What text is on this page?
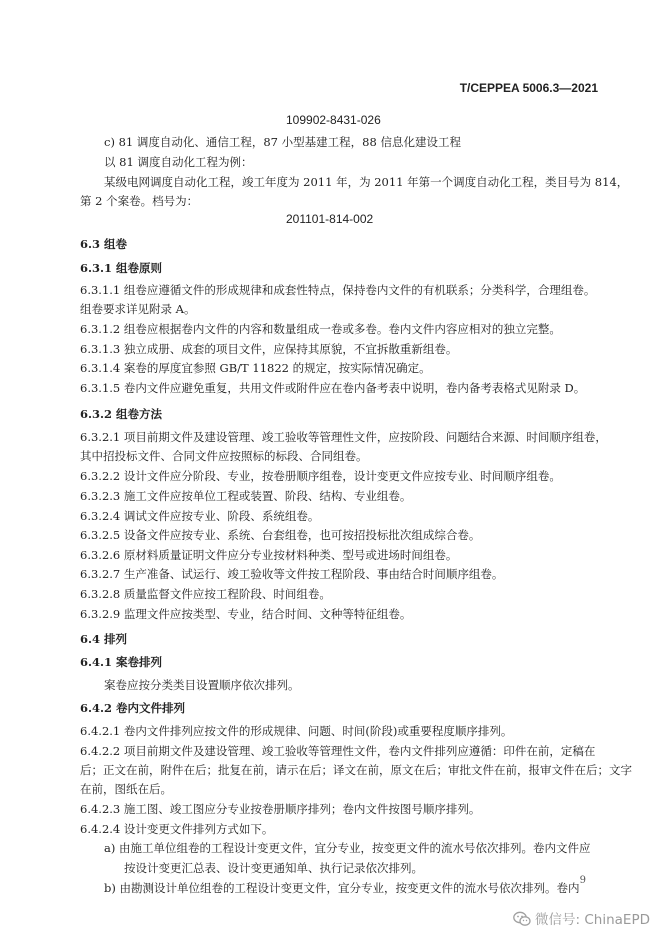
T/CEPPEA 5006.3—2021
109902-8431-026
c) 81 调度自动化、通信工程，87 小型基建工程，88 信息化建设工程
以 81 调度自动化工程为例：
某级电网调度自动化工程，竣工年度为 2011 年，为 2011 年第一个调度自动化工程，类目号为 814，
第 2 个案卷。档号为：
201101-814-002
6.3 组卷
6.3.1 组卷原则
6.3.1.1 组卷应遵循文件的形成规律和成套性特点，保持卷内文件的有机联系；分类科学，合理组卷。
组卷要求详见附录 A。
6.3.1.2 组卷应根据卷内文件的内容和数量组成一卷或多卷。卷内文件内容应相对的独立完整。
6.3.1.3 独立成册、成套的项目文件，应保持其原貌，不宜拆散重新组卷。
6.3.1.4 案卷的厚度宜参照 GB/T 11822 的规定，按实际情况确定。
6.3.1.5 卷内文件应避免重复，共用文件或附件应在卷内备考表中说明，卷内备考表格式见附录 D。
6.3.2 组卷方法
6.3.2.1 项目前期文件及建设管理、竣工验收等管理性文件，应按阶段、问题结合来源、时间顺序组卷，
其中招投标文件、合同文件应按照标的标段、合同组卷。
6.3.2.2 设计文件应分阶段、专业，按卷册顺序组卷，设计变更文件应按专业、时间顺序组卷。
6.3.2.3 施工文件应按单位工程或装置、阶段、结构、专业组卷。
6.3.2.4 调试文件应按专业、阶段、系统组卷。
6.3.2.5 设备文件应按专业、系统、台套组卷，也可按招投标批次组成综合卷。
6.3.2.6 原材料质量证明文件应分专业按材料种类、型号或进场时间组卷。
6.3.2.7 生产准备、试运行、竣工验收等文件按工程阶段、事由结合时间顺序组卷。
6.3.2.8 质量监督文件应按工程阶段、时间组卷。
6.3.2.9 监理文件应按类型、专业，结合时间、文种等特征组卷。
6.4 排列
6.4.1 案卷排列
案卷应按分类类目设置顺序依次排列。
6.4.2 卷内文件排列
6.4.2.1 卷内文件排列应按文件的形成规律、问题、时间(阶段)或重要程度顺序排列。
6.4.2.2 项目前期文件及建设管理、竣工验收等管理性文件，卷内文件排列应遵循：印件在前，定稿在
后；正文在前，附件在后；批复在前，请示在后；译文在前，原文在后；审批文件在前，报审文件在后；文字
在前，图纸在后。
6.4.2.3 施工图、竣工图应分专业按卷册顺序排列；卷内文件按图号顺序排列。
6.4.2.4 设计变更文件排列方式如下。
a) 由施工单位组卷的工程设计变更文件，宜分专业，按变更文件的流水号依次排列。卷内文件应
按设计变更汇总表、设计变更通知单、执行记录依次排列。
b) 由勘测设计单位组卷的工程设计变更文件，宜分专业，按变更文件的流水号依次排列。卷内
9
微信号: ChinaEPD
